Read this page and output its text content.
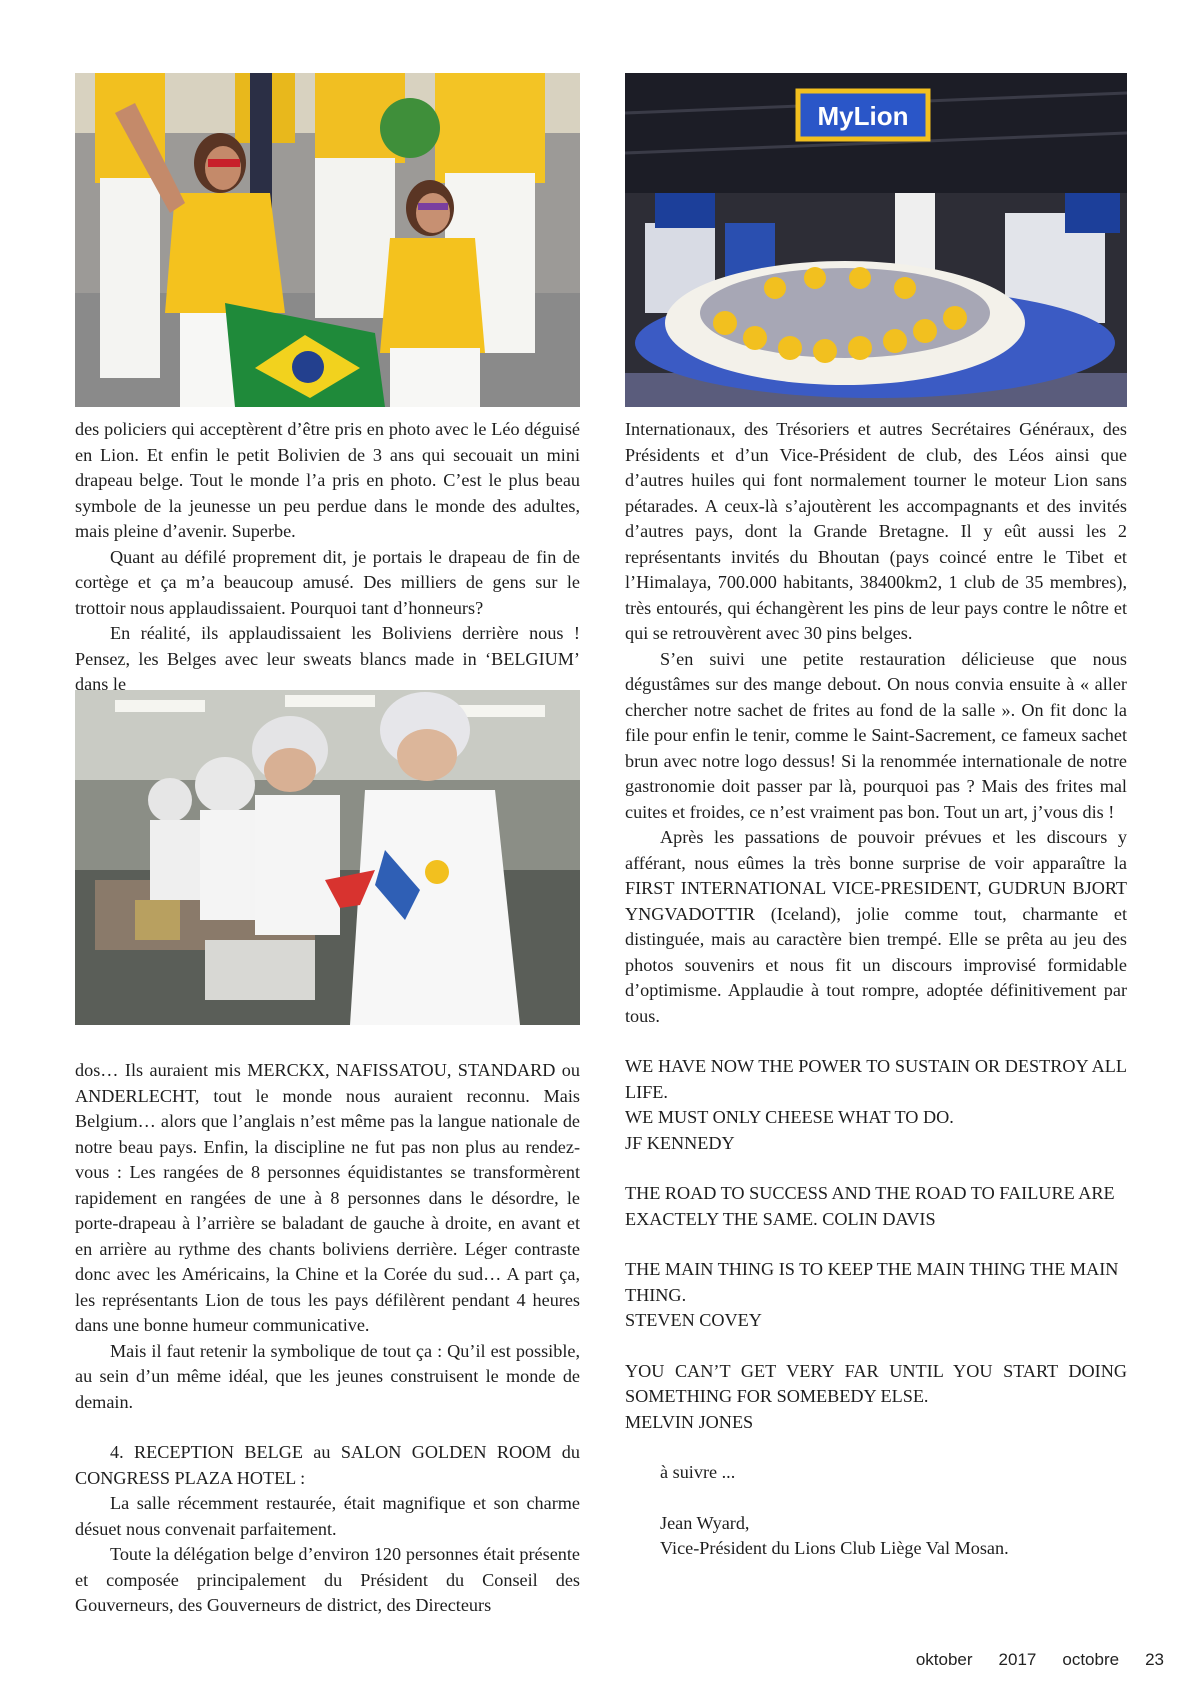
MyLion

des policiers qui acceptèrent d’être pris en photo avec le Léo déguisé en Lion. Et enfin le petit Bolivien de 3 ans qui secouait un mini drapeau belge. Tout le monde l’a pris en photo. C’est le plus beau symbole de la jeunesse un peu perdue dans le monde des adultes, mais pleine d’avenir. Superbe.

Quant au défilé proprement dit, je portais le drapeau de fin de cortège et ça m’a beaucoup amusé. Des milliers de gens sur le trottoir nous applaudissaient. Pourquoi tant d’honneurs?

En réalité, ils applaudissaient les Boliviens derrière nous ! Pensez, les Belges avec leur sweats blancs made in ‘BELGIUM’ dans le

dos… Ils auraient mis MERCKX, NAFISSATOU, STANDARD ou ANDERLECHT, tout le monde nous auraient reconnu. Mais Belgium… alors que l’anglais n’est même pas la langue nationale de notre beau pays. Enfin, la discipline ne fut pas non plus au rendez-vous : Les rangées de 8 personnes équidistantes se transformèrent rapidement en rangées de une à 8 personnes dans le désordre, le porte-drapeau à l’arrière se baladant de gauche à droite, en avant et en arrière au rythme des chants boliviens derrière. Léger contraste donc avec les Américains, la Chine et la Corée du sud… A part ça, les représentants Lion de tous les pays défilèrent pendant 4 heures dans une bonne humeur communicative.

Mais il faut retenir la symbolique de tout ça : Qu’il est possible, au sein d’un même idéal, que les jeunes construisent le monde de demain.

4. RECEPTION BELGE au SALON GOLDEN ROOM du CONGRESS PLAZA HOTEL :

La salle récemment restaurée, était magnifique et son charme désuet nous convenait parfaitement.

Toute la délégation belge d’environ 120 personnes était présente et composée principalement du Président du Conseil des Gouverneurs, des Gouverneurs de district, des Directeurs

Internationaux, des Trésoriers et autres Secrétaires Généraux, des Présidents et d’un Vice-Président de club, des Léos ainsi que d’autres huiles qui font normalement tourner le moteur Lion sans pétarades. A ceux-là s’ajoutèrent les accompagnants et des invités d’autres pays, dont la Grande Bretagne. Il y eût aussi les 2 représentants invités du Bhoutan (pays coincé entre le Tibet et l’Himalaya, 700.000 habitants, 38400km2, 1 club de 35 membres), très entourés, qui échangèrent les pins de leur pays contre le nôtre et qui se retrouvèrent avec 30 pins belges.

S’en suivi une petite restauration délicieuse que nous dégustâmes sur des mange debout. On nous convia ensuite à « aller chercher notre sachet de frites au fond de la salle ». On fit donc la file pour enfin le tenir, comme le Saint-Sacrement, ce fameux sachet brun avec notre logo dessus! Si la renommée internationale de notre gastronomie doit passer par là, pourquoi pas ? Mais des frites mal cuites et froides, ce n’est vraiment pas bon. Tout un art, j’vous dis !

Après les passations de pouvoir prévues et les discours y afférant, nous eûmes la très bonne surprise de voir apparaître la FIRST INTERNATIONAL VICE-PRESIDENT, GUDRUN BJORT YNGVADOTTIR (Iceland), jolie comme tout, charmante et distinguée, mais au caractère bien trempé. Elle se prêta au jeu des photos souvenirs et nous fit un discours improvisé formidable d’optimisme. Applaudie à tout rompre, adoptée définitivement par tous.

WE HAVE NOW THE POWER TO SUSTAIN OR DESTROY ALL LIFE.

WE MUST ONLY CHEESE WHAT TO DO.

JF KENNEDY

THE ROAD TO SUCCESS AND THE ROAD TO FAILURE ARE EXACTELY THE SAME. COLIN DAVIS

THE MAIN THING IS TO KEEP THE MAIN THING THE MAIN THING.

STEVEN COVEY

YOU CAN’T GET VERY FAR UNTIL YOU START DOING SOMETHING FOR SOMEBEDY ELSE.

MELVIN JONES

à suivre ...

Jean Wyard,

Vice-Président du Lions Club Liège Val Mosan.

oktober 2017 octobre 23
